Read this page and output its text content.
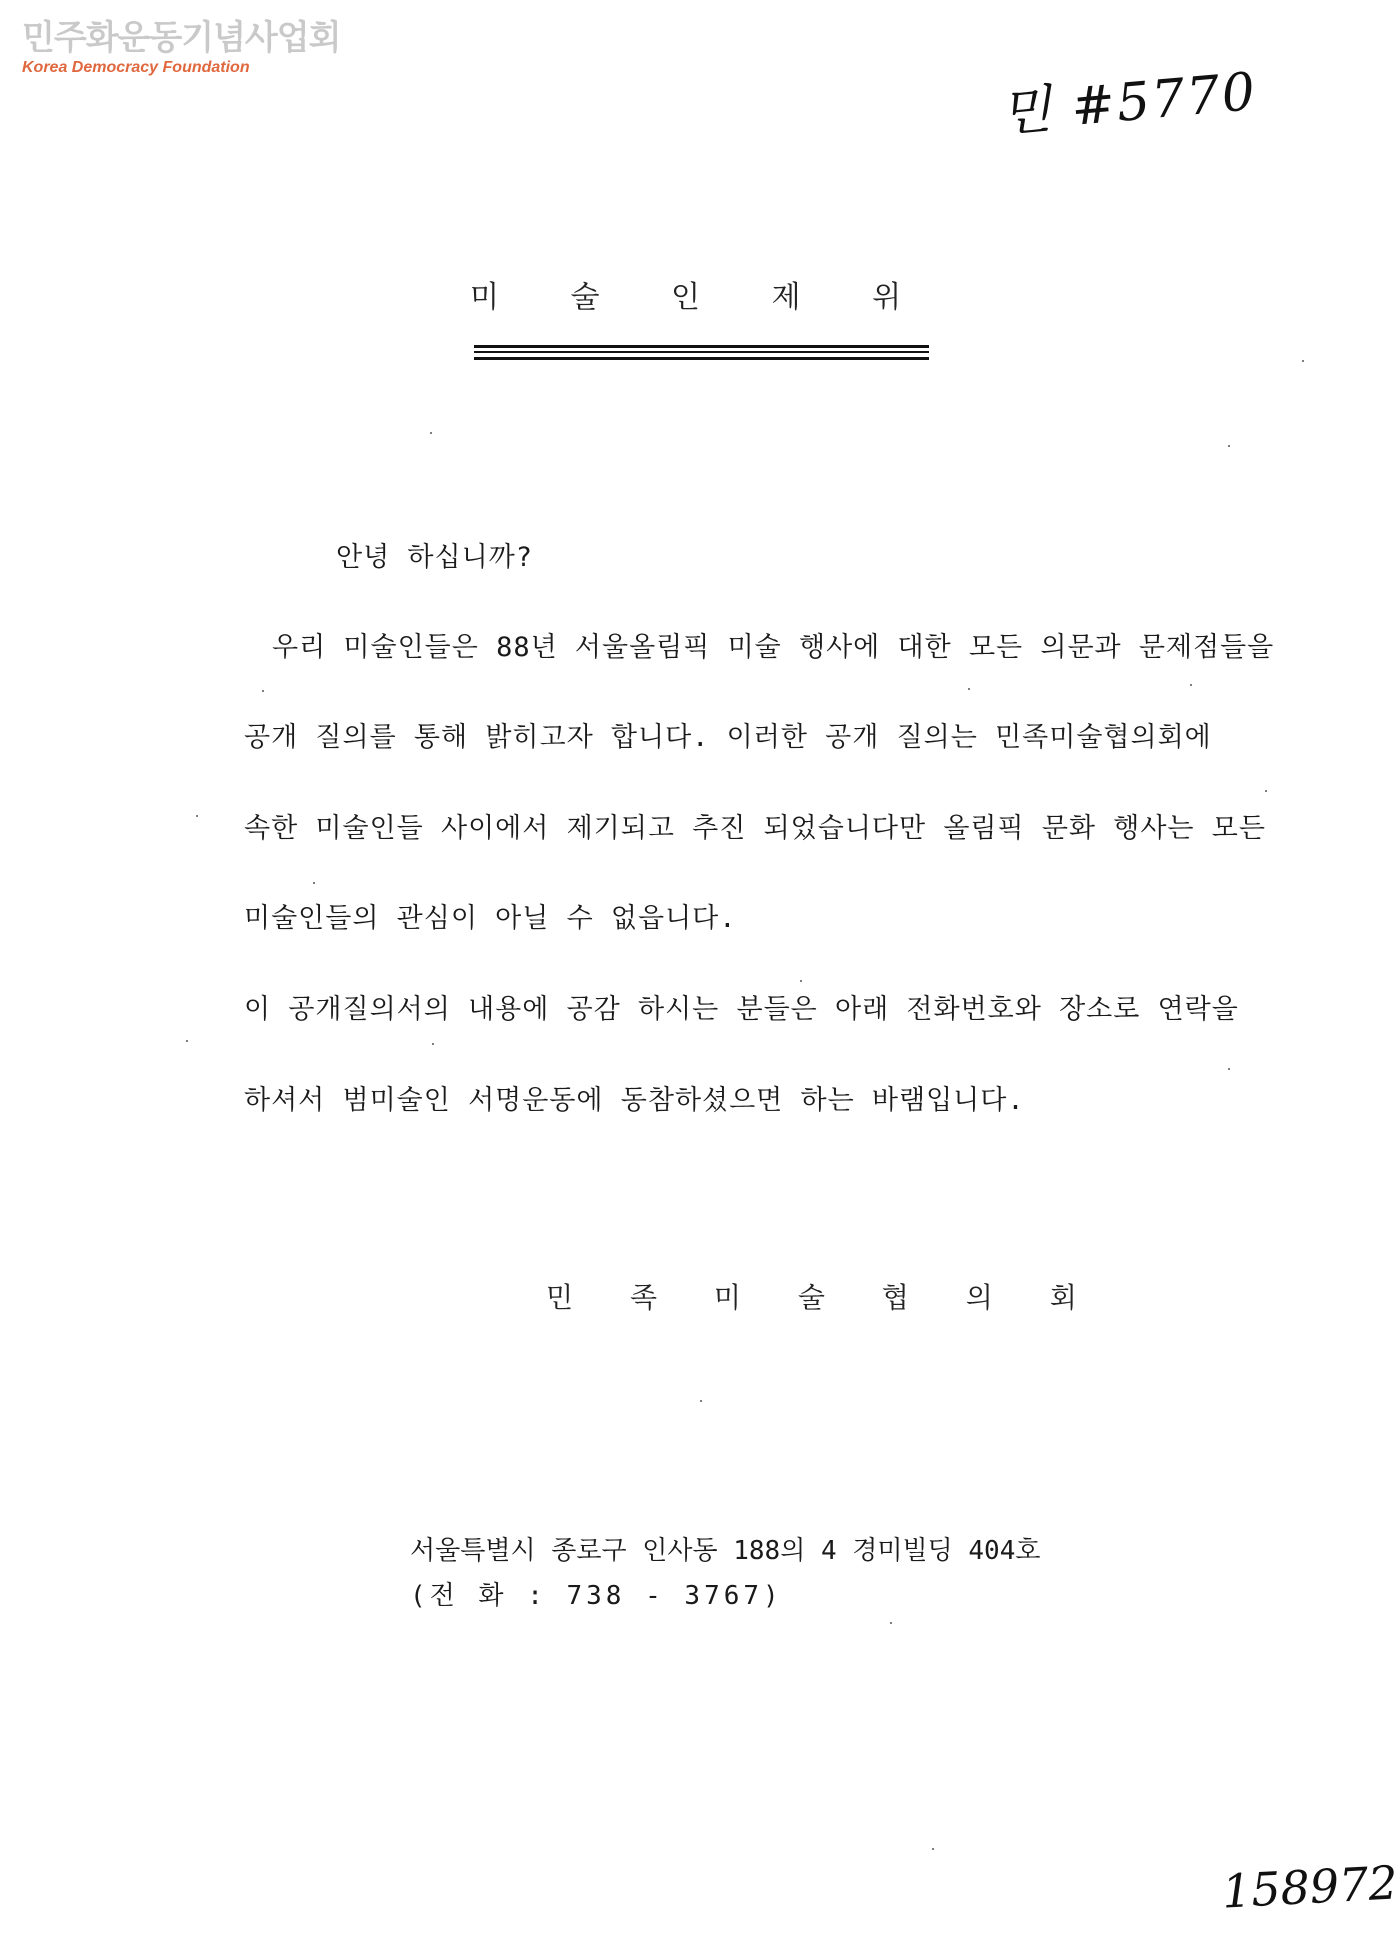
민주화운동기념사업회
Korea Democracy Foundation	민 #5770
미 술 인 제 위
안녕 하십니까?
우리 미술인들은 88년 서울올림픽 미술 행사에 대한 모든 의문과 문제점들을
공개 질의를 통해 밝히고자 합니다. 이러한 공개 질의는 민족미술협의회에
속한 미술인들 사이에서 제기되고 추진 되었습니다만 올림픽 문화 행사는 모든
미술인들의 관심이 아닐 수 없읍니다.
이 공개질의서의 내용에 공감 하시는 분들은 아래 전화번호와 장소로 연락을
하셔서 범미술인 서명운동에 동참하셨으면 하는 바램입니다.
민 족 미 술 협 의 회
서울특별시 종로구 인사동 188의 4 경미빌딩 404호
(전 화 : 738 - 3767)
158972
